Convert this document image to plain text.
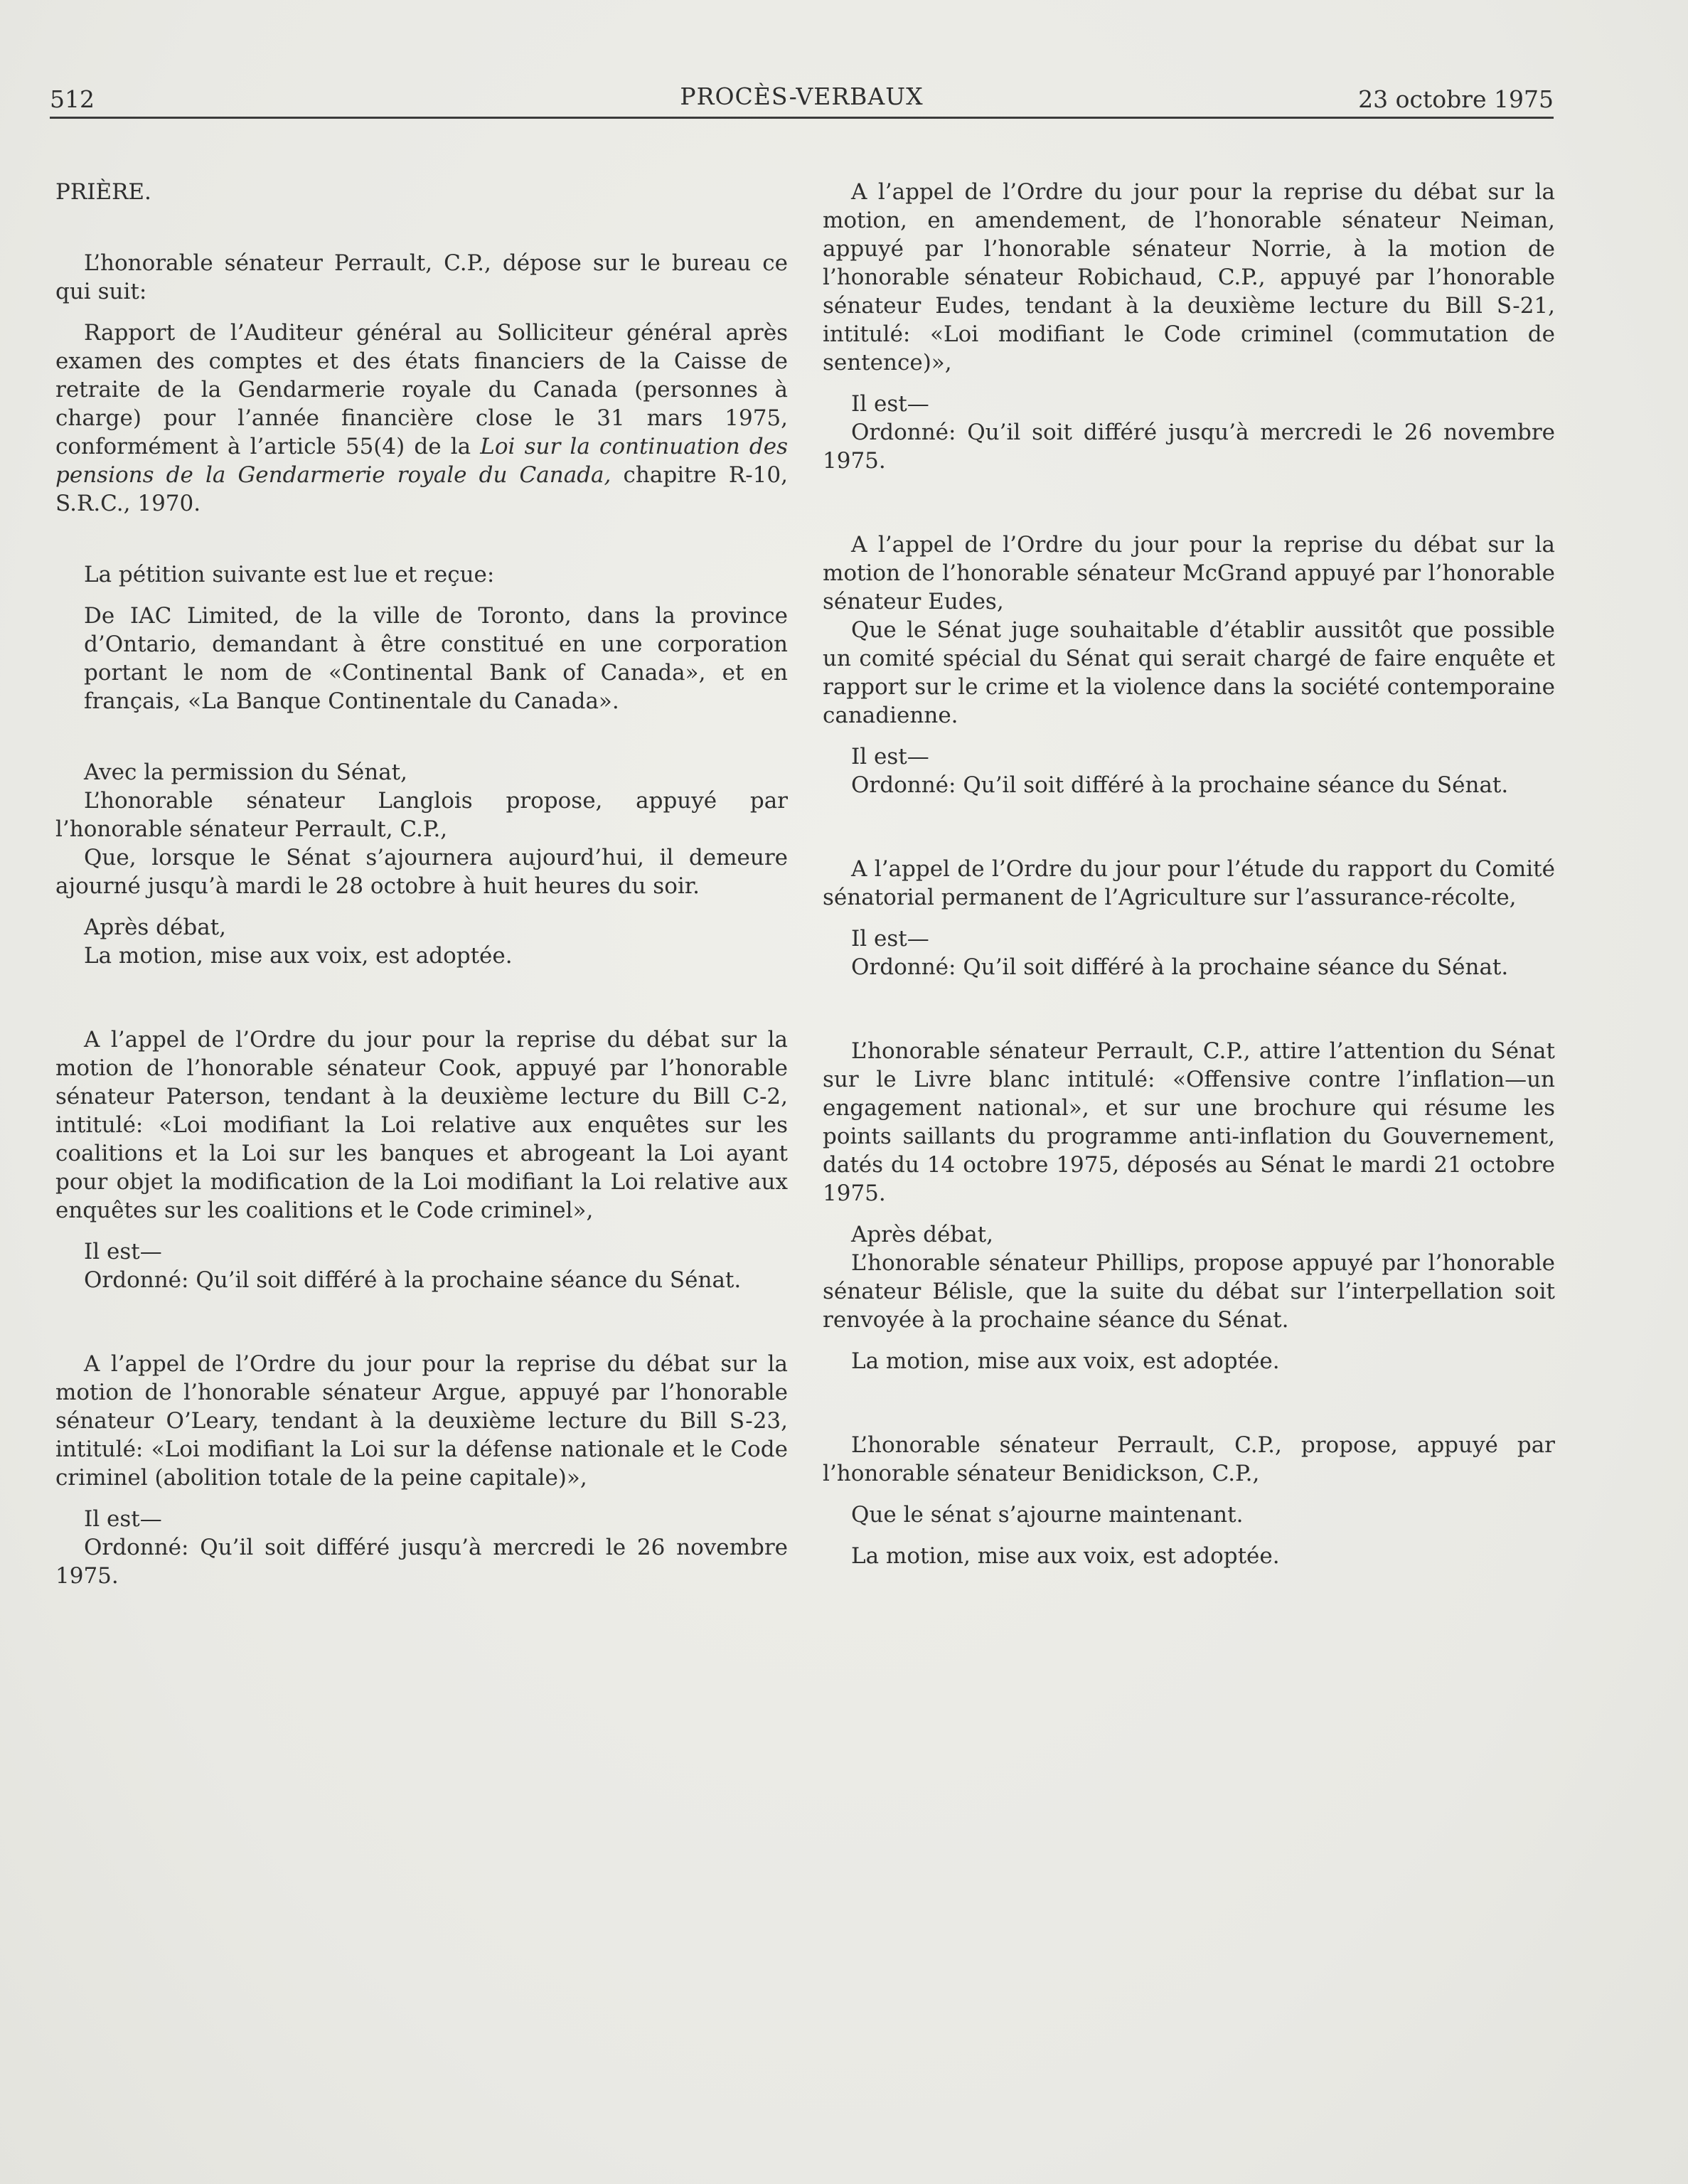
512	PROCÈS-VERBAUX	23 octobre 1975

PRIÈRE.

L’honorable sénateur Perrault, C.P., dépose sur le bureau ce qui suit:

Rapport de l’Auditeur général au Solliciteur général après examen des comptes et des états financiers de la Caisse de retraite de la Gendarmerie royale du Canada (personnes à charge) pour l’année financière close le 31 mars 1975, conformément à l’article 55(4) de la Loi sur la continuation des pensions de la Gendarmerie royale du Canada, chapitre R-10, S.R.C., 1970.

La pétition suivante est lue et reçue:

De IAC Limited, de la ville de Toronto, dans la province d’Ontario, demandant à être constitué en une corporation portant le nom de «Continental Bank of Canada», et en français, «La Banque Continentale du Canada».

Avec la permission du Sénat,

L’honorable sénateur Langlois propose, appuyé par l’honorable sénateur Perrault, C.P.,

Que, lorsque le Sénat s’ajournera aujourd’hui, il demeure ajourné jusqu’à mardi le 28 octobre à huit heures du soir.

Après débat,

La motion, mise aux voix, est adoptée.

A l’appel de l’Ordre du jour pour la reprise du débat sur la motion de l’honorable sénateur Cook, appuyé par l’honorable sénateur Paterson, tendant à la deuxième lecture du Bill C-2, intitulé: «Loi modifiant la Loi relative aux enquêtes sur les coalitions et la Loi sur les banques et abrogeant la Loi ayant pour objet la modification de la Loi modifiant la Loi relative aux enquêtes sur les coalitions et le Code criminel»,

Il est—

Ordonné: Qu’il soit différé à la prochaine séance du Sénat.

A l’appel de l’Ordre du jour pour la reprise du débat sur la motion de l’honorable sénateur Argue, appuyé par l’honorable sénateur O’Leary, tendant à la deuxième lecture du Bill S-23, intitulé: «Loi modifiant la Loi sur la défense nationale et le Code criminel (abolition totale de la peine capitale)»,

Il est—

Ordonné: Qu’il soit différé jusqu’à mercredi le 26 novembre 1975.

A l’appel de l’Ordre du jour pour la reprise du débat sur la motion, en amendement, de l’honorable sénateur Neiman, appuyé par l’honorable sénateur Norrie, à la motion de l’honorable sénateur Robichaud, C.P., appuyé par l’honorable sénateur Eudes, tendant à la deuxième lecture du Bill S-21, intitulé: «Loi modifiant le Code criminel (commutation de sentence)»,

Il est—

Ordonné: Qu’il soit différé jusqu’à mercredi le 26 novembre 1975.

A l’appel de l’Ordre du jour pour la reprise du débat sur la motion de l’honorable sénateur McGrand appuyé par l’honorable sénateur Eudes,

Que le Sénat juge souhaitable d’établir aussitôt que possible un comité spécial du Sénat qui serait chargé de faire enquête et rapport sur le crime et la violence dans la société contemporaine canadienne.

Il est—

Ordonné: Qu’il soit différé à la prochaine séance du Sénat.

A l’appel de l’Ordre du jour pour l’étude du rapport du Comité sénatorial permanent de l’Agriculture sur l’assurance-récolte,

Il est—

Ordonné: Qu’il soit différé à la prochaine séance du Sénat.

L’honorable sénateur Perrault, C.P., attire l’attention du Sénat sur le Livre blanc intitulé: «Offensive contre l’inflation—un engagement national», et sur une brochure qui résume les points saillants du programme anti-inflation du Gouvernement, datés du 14 octobre 1975, déposés au Sénat le mardi 21 octobre 1975.

Après débat,

L’honorable sénateur Phillips, propose appuyé par l’honorable sénateur Bélisle, que la suite du débat sur l’interpellation soit renvoyée à la prochaine séance du Sénat.

La motion, mise aux voix, est adoptée.

L’honorable sénateur Perrault, C.P., propose, appuyé par l’honorable sénateur Benidickson, C.P.,

Que le sénat s’ajourne maintenant.

La motion, mise aux voix, est adoptée.
